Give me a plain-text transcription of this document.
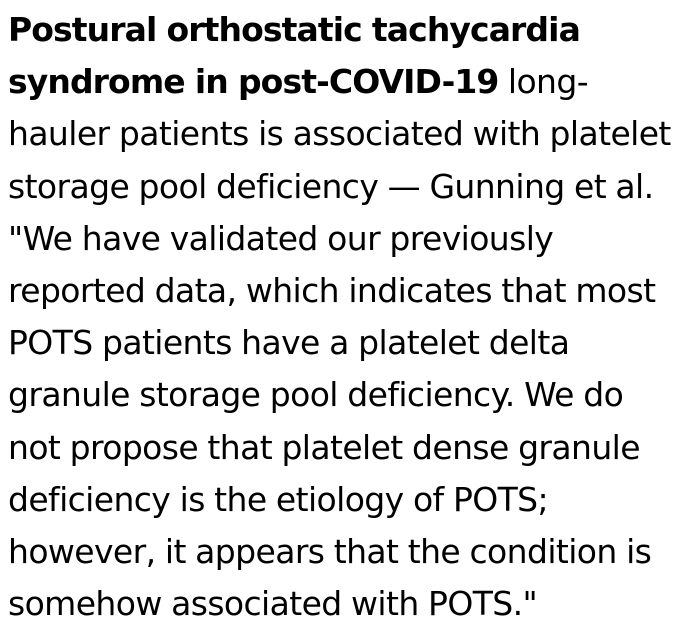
Postural orthostatic tachycardia
syndrome in post-COVID-19 long-
hauler patients is associated with platelet
storage pool deficiency — Gunning et al.
"We have validated our previously
reported data, which indicates that most
POTS patients have a platelet delta
granule storage pool deficiency. We do
not propose that platelet dense granule
deficiency is the etiology of POTS;
however, it appears that the condition is
somehow associated with POTS."
